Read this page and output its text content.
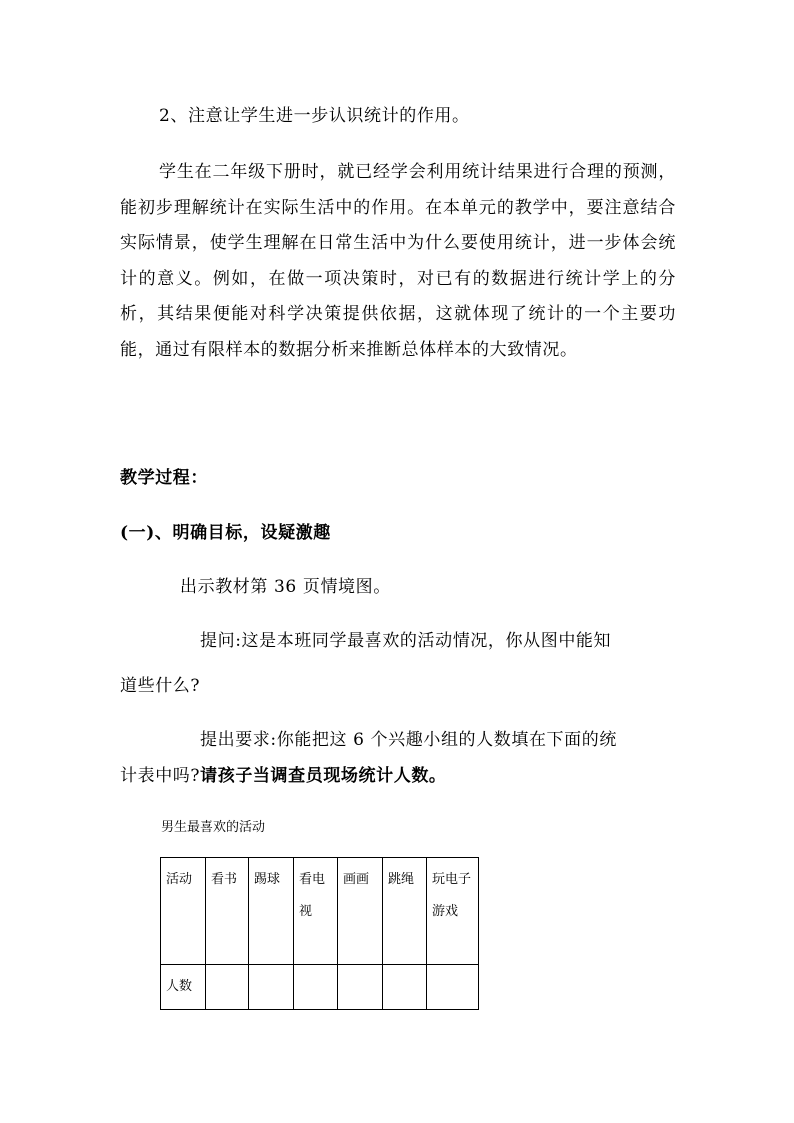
2、注意让学生进一步认识统计的作用。
学生在二年级下册时，就已经学会利用统计结果进行合理的预测，能初步理解统计在实际生活中的作用。在本单元的教学中，要注意结合实际情景，使学生理解在日常生活中为什么要使用统计，进一步体会统计的意义。例如，在做一项决策时，对已有的数据进行统计学上的分析，其结果便能对科学决策提供依据，这就体现了统计的一个主要功能，通过有限样本的数据分析来推断总体样本的大致情况。
教学过程：
(一)、明确目标，设疑激趣
出示教材第 36 页情境图。
提问:这是本班同学最喜欢的活动情况，你从图中能知
道些什么?
提出要求:你能把这 6 个兴趣小组的人数填在下面的统
计表中吗?请孩子当调查员现场统计人数。
男生最喜欢的活动
活动	看书	踢球	看电视	画画	跳绳	玩电子游戏
人数						
